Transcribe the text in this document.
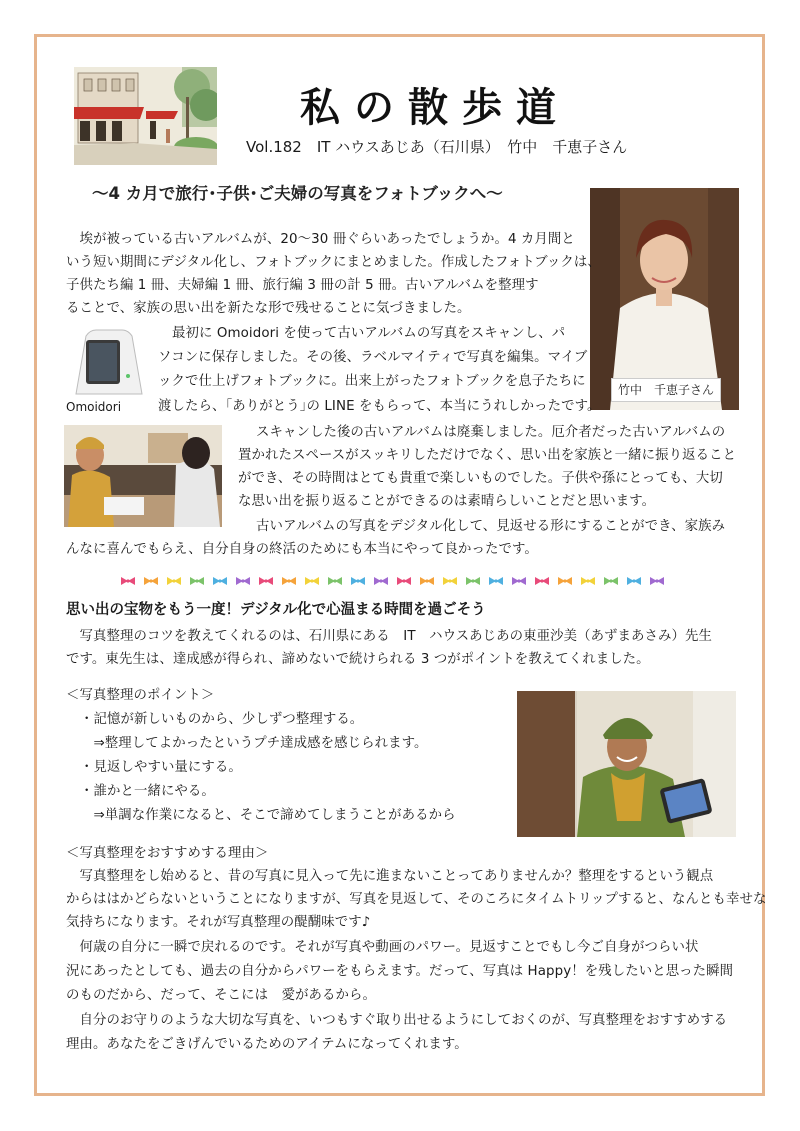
私の散歩道
Vol.182　IT ハウスあじあ（石川県）　竹中　千恵子さん
～4 カ月で旅行･子供･ご夫婦の写真をフォトブックへ～
竹中　千恵子さん
Omoidori
　埃が被っている古いアルバムが、20～30 冊ぐらいあったでしょうか。4 カ月間と
いう短い期間にデジタル化し、フォトブックにまとめました。作成したフォトブックは、
子供たち編 1 冊、夫婦編 1 冊、旅行編 3 冊の計 5 冊。古いアルバムを整理す
ることで、家族の思い出を新たな形で残せることに気づきました。
最初に Omoidori を使って古いアルバムの写真をスキャンし、パ
ソコンに保存しました。その後、ラベルマイティで写真を編集。マイブ
ックで仕上げフォトブックに。出来上がったフォトブックを息子たちに
渡したら、｢ありがとう｣の LINE をもらって、本当にうれしかったです。
スキャンした後の古いアルバムは廃棄しました。厄介者だった古いアルバムの
置かれたスペースがスッキリしただけでなく、思い出を家族と一緒に振り返ること
ができ、その時間はとても貴重で楽しいものでした。子供や孫にとっても、大切
な思い出を振り返ることができるのは素晴らしいことだと思います。
古いアルバムの写真をデジタル化して、見返せる形にすることができ、家族み
んなに喜んでもらえ、自分自身の終活のためにも本当にやって良かったです。
思い出の宝物をもう一度！デジタル化で心温まる時間を過ごそう
　写真整理のコツを教えてくれるのは、石川県にある　IT　ハウスあじあの東亜沙美（あずまあさみ）先生
です。東先生は、達成感が得られ、諦めないで続けられる 3 つがポイントを教えてくれました。
＜写真整理のポイント＞
・記憶が新しいものから、少しずつ整理する。
　⇒整理してよかったというプチ達成感を感じられます。
・見返しやすい量にする。
・誰かと一緒にやる。
　⇒単調な作業になると、そこで諦めてしまうことがあるから
＜写真整理をおすすめする理由＞
　写真整理をし始めると、昔の写真に見入って先に進まないことってありませんか？整理をするという観点
からははかどらないということになりますが、写真を見返して、そのころにタイムトリップすると、なんとも幸せな
気持ちになります。それが写真整理の醍醐味です♪
　何歳の自分に一瞬で戻れるのです。それが写真や動画のパワー。見返すことでもし今ご自身がつらい状
況にあったとしても、過去の自分からパワーをもらえます。だって、写真は Happy！を残したいと思った瞬間
のものだから、だって、そこには　愛があるから。
　自分のお守りのような大切な写真を、いつもすぐ取り出せるようにしておくのが、写真整理をおすすめする
理由。あなたをごきげんでいるためのアイテムになってくれます。
